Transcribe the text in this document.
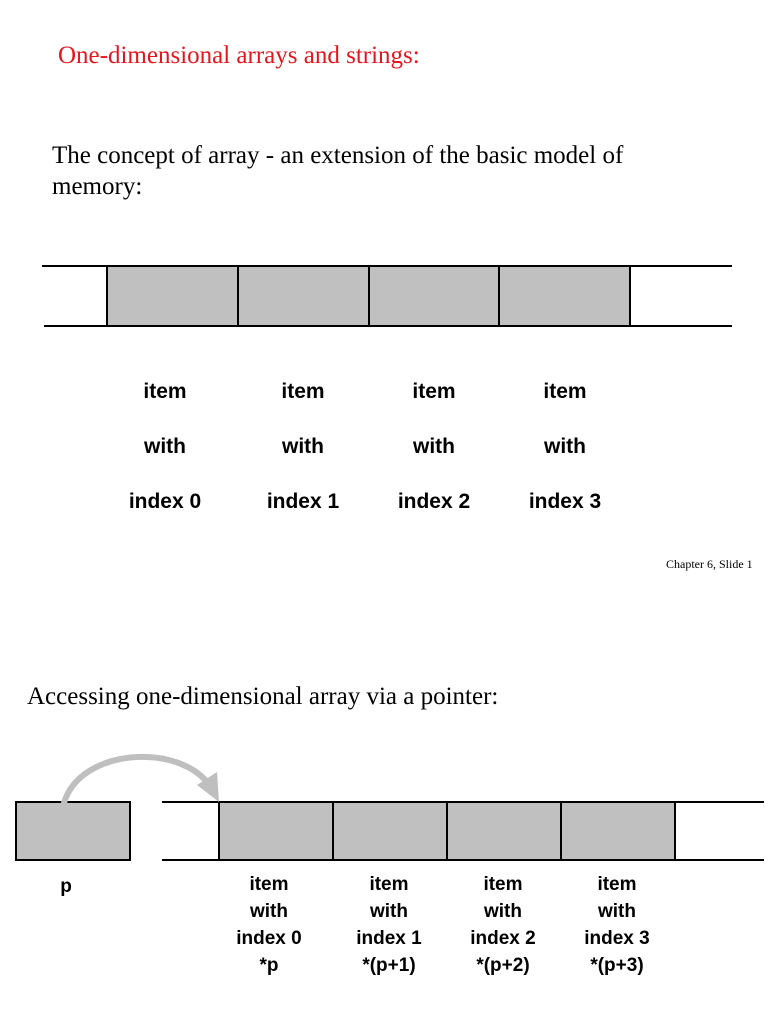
One-dimensional arrays and strings:
The concept of array - an extension of the basic model of memory:

item

with

index 0

item

with

index 1

item

with

index 2

item

with

index 3

Chapter 6, Slide 1
Accessing one-dimensional array via a pointer:
p	item
with
index 0
*p
item
with
index 1
*(p+1)
item
with
index 2
*(p+2)
item
with
index 3
*(p+3)
